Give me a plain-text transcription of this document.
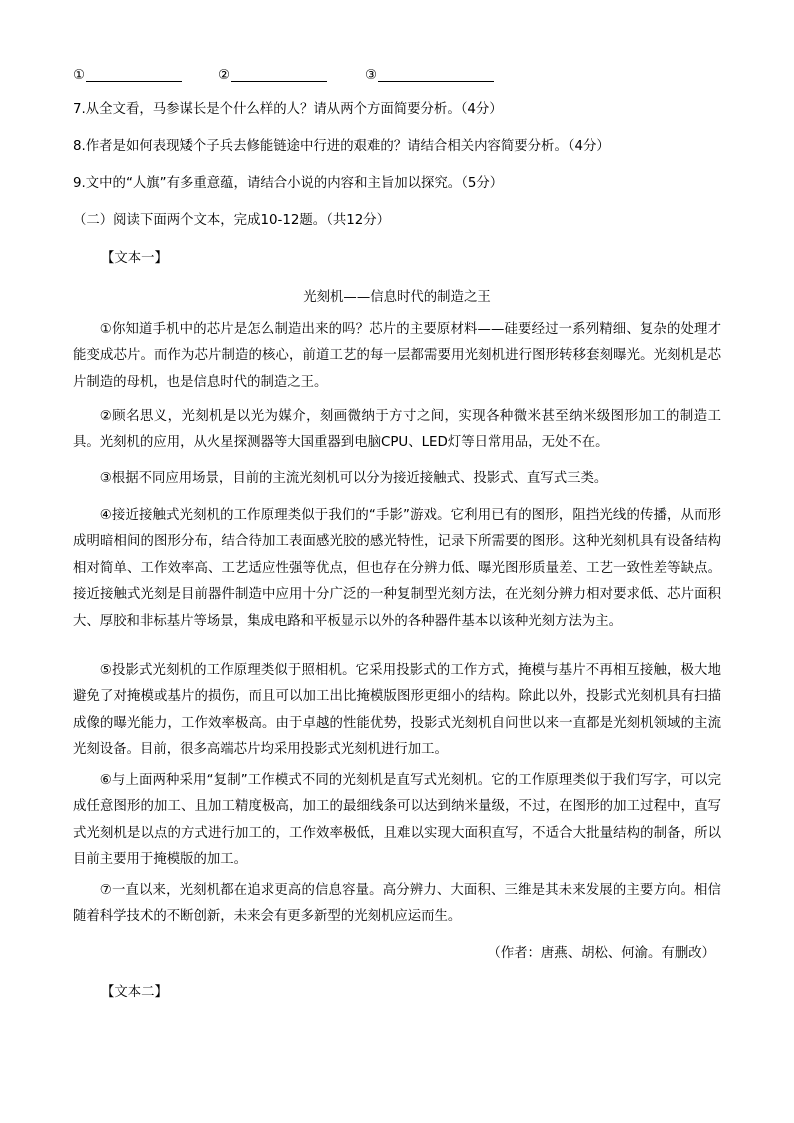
①	②	③
7.从全文看，马参谋长是个什么样的人？请从两个方面简要分析。（4分）
8.作者是如何表现矮个子兵去修能链途中行进的艰难的？请结合相关内容简要分析。（4分）
9.文中的“人旗”有多重意蕴，请结合小说的内容和主旨加以探究。（5分）
（二）阅读下面两个文本，完成10-12题。（共12分）
【文本一】
光刻机——信息时代的制造之王
①你知道手机中的芯片是怎么制造出来的吗？芯片的主要原材料——硅要经过一系列精细、复杂的处理才能变成芯片。而作为芯片制造的核心，前道工艺的每一层都需要用光刻机进行图形转移套刻曝光。光刻机是芯片制造的母机，也是信息时代的制造之王。
②顾名思义，光刻机是以光为媒介，刻画微纳于方寸之间，实现各种微米甚至纳米级图形加工的制造工具。光刻机的应用，从火星探测器等大国重器到电脑CPU、LED灯等日常用品，无处不在。
③根据不同应用场景，目前的主流光刻机可以分为接近接触式、投影式、直写式三类。
④接近接触式光刻机的工作原理类似于我们的“手影”游戏。它利用已有的图形，阻挡光线的传播，从而形成明暗相间的图形分布，结合待加工表面感光胶的感光特性，记录下所需要的图形。这种光刻机具有设备结构相对简单、工作效率高、工艺适应性强等优点，但也存在分辨力低、曝光图形质量差、工艺一致性差等缺点。接近接触式光刻是目前器件制造中应用十分广泛的一种复制型光刻方法，在光刻分辨力相对要求低、芯片面积大、厚胶和非标基片等场景，集成电路和平板显示以外的各种器件基本以该种光刻方法为主。
⑤投影式光刻机的工作原理类似于照相机。它采用投影式的工作方式，掩模与基片不再相互接触，极大地避免了对掩模或基片的损伤，而且可以加工出比掩模版图形更细小的结构。除此以外，投影式光刻机具有扫描成像的曝光能力，工作效率极高。由于卓越的性能优势，投影式光刻机自问世以来一直都是光刻机领域的主流光刻设备。目前，很多高端芯片均采用投影式光刻机进行加工。
⑥与上面两种采用“复制”工作模式不同的光刻机是直写式光刻机。它的工作原理类似于我们写字，可以完成任意图形的加工、且加工精度极高，加工的最细线条可以达到纳米量级，不过，在图形的加工过程中，直写式光刻机是以点的方式进行加工的，工作效率极低，且难以实现大面积直写，不适合大批量结构的制备，所以目前主要用于掩模版的加工。
⑦一直以来，光刻机都在追求更高的信息容量。高分辨力、大面积、三维是其未来发展的主要方向。相信随着科学技术的不断创新，未来会有更多新型的光刻机应运而生。
（作者：唐燕、胡松、何渝。有删改）
【文本二】
